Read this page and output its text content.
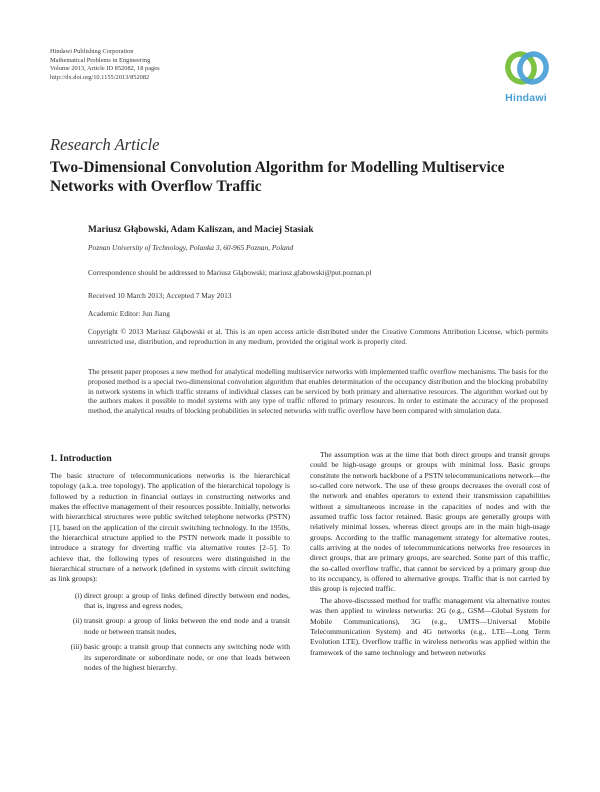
Hindawi Publishing Corporation

Mathematical Problems in Engineering

Volume 2013, Article ID 852082, 18 pages

http://dx.doi.org/10.1155/2013/852082

Hindawi
Research Article
Two-Dimensional Convolution Algorithm for Modelling Multiservice Networks with Overflow Traffic
Mariusz Głąbowski, Adam Kaliszan, and Maciej Stasiak

Poznan University of Technology, Polanka 3, 60-965 Poznan, Poland

Correspondence should be addressed to Mariusz Głąbowski; mariusz.glabowski@put.poznan.pl

Received 10 March 2013; Accepted 7 May 2013

Academic Editor: Jun Jiang

Copyright © 2013 Mariusz Głąbowski et al. This is an open access article distributed under the Creative Commons Attribution License, which permits unrestricted use, distribution, and reproduction in any medium, provided the original work is properly cited.

The present paper proposes a new method for analytical modelling multiservice networks with implemented traffic overflow mechanisms. The basis for the proposed method is a special two-dimensional convolution algorithm that enables determination of the occupancy distribution and the blocking probability in network systems in which traffic streams of individual classes can be serviced by both primary and alternative resources. The algorithm worked out by the authors makes it possible to model systems with any type of traffic offered to primary resources. In order to estimate the accuracy of the proposed method, the analytical results of blocking probabilities in selected networks with traffic overflow have been compared with simulation data.

1. Introduction

The basic structure of telecommunications networks is the hierarchical topology (a.k.a. tree topology). The application of the hierarchical topology is followed by a reduction in financial outlays in constructing networks and makes the effective management of their resources possible. Initially, networks with hierarchical structures were public switched telephone networks (PSTN) [1], based on the application of the circuit switching technology. In the 1950s, the hierarchical structure applied to the PSTN network made it possible to introduce a strategy for diverting traffic via alternative routes [2–5]. To achieve that, the following types of resources were distinguished in the hierarchical structure of a network (defined in systems with circuit switching as link groups):

(i) direct group: a group of links defined directly between end nodes, that is, ingress and egress nodes,
(ii) transit group: a group of links between the end node and a transit node or between transit nodes,
(iii) basic group: a transit group that connects any switching node with its superordinate or subordinate node, or one that leads between nodes of the highest hierarchy.

The assumption was at the time that both direct groups and transit groups could be high-usage groups or groups with minimal loss. Basic groups constitute the network backbone of a PSTN telecommunications network—the so-called core network. The use of these groups decreases the overall cost of the network and enables operators to extend their transmission capabilities without a simultaneous increase in the capacities of nodes and with the assumed traffic loss factor retained. Basic groups are generally groups with relatively minimal losses, whereas direct groups are in the main high-usage groups. According to the traffic management strategy for alternative routes, calls arriving at the nodes of telecommunications networks free resources in direct groups, that are primary groups, are searched. Some part of this traffic, the so-called overflow traffic, that cannot be serviced by a primary group due to its occupancy, is offered to alternative groups. Traffic that is not carried by this group is rejected traffic.

The above-discussed method for traffic management via alternative routes was then applied to wireless networks: 2G (e.g., GSM—Global System for Mobile Communications), 3G (e.g., UMTS—Universal Mobile Telecommunication System) and 4G networks (e.g., LTE—Long Term Evolution LTE). Overflow traffic in wireless networks was applied within the framework of the same technology and between networks
